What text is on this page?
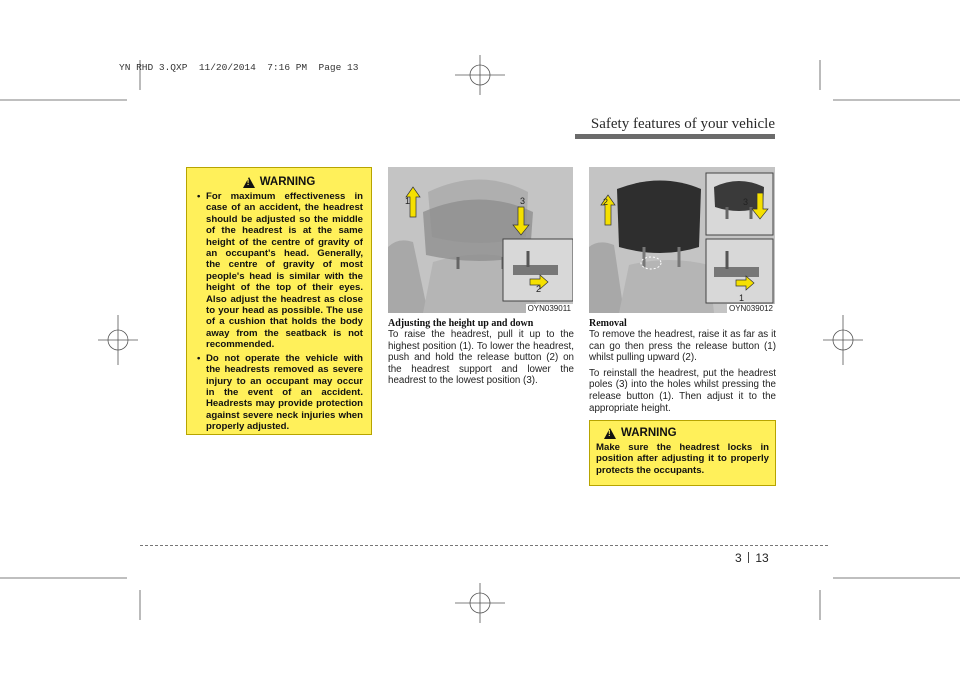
YN RHD 3.QXP  11/20/2014  7:16 PM  Page 13
Safety features of your vehicle
!
WARNING
• For maximum effectiveness in case of an accident, the headrest should be adjusted so the middle of the headrest is at the same height of the centre of gravity of an occupant's head. Generally, the centre of gravity of most people's head is similar with the height of the top of their eyes. Also adjust the headrest as close to your head as possible. The use of a cushion that holds the body away from the seatback is not recommended.
• Do not operate the vehicle with the headrests removed as severe injury to an occupant may occur in the event of an accident. Headrests may provide protection against severe neck injuries when properly adjusted.
1
2
3
OYN039011
2
1
3
OYN039012
Adjusting the height up and down

To raise the headrest, pull it up to the highest position (1). To lower the headrest, push and hold the release button (2) on the headrest support and lower the headrest to the lowest position (3).

Removal

To remove the headrest, raise it as far as it can go then press the release button (1) whilst pulling upward (2).

To reinstall the headrest, put the headrest poles (3) into the holes whilst pressing the release button (1). Then adjust it to the appropriate height.

!
WARNING

Make sure the headrest locks in position after adjusting it to properly protects the occupants.

3 13
